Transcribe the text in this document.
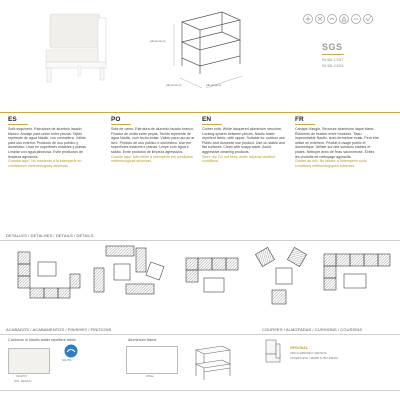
[dimension]
[dimension]	[dimension]
SGS
EN 581-1:2017
EN 581-2:2016
ES
Sofá esquinero. Estructura de aluminio lacado blanco. Anclaje para unión entre piezas. Tejido repelente de agua Nautic, con cremallera. Válido para uso exterior. Producto de uso público y doméstico. Usar en superficies estables y planas. Limpiar con agua jabonosa. Evite productos de limpieza agresivos.
Guardar aquí. No mantener a la intemperie en condiciones meteorológicas adversas.
PO
Sofá de canto. Estrutura de alumínio lacado branco. Fixador de união entre peças. Tecido repelente de água Nautic, com fecho-eclair. Válido para uso ao ar livre. Produto de uso público e doméstico. Use em superfícies estáveis e planas. Limpe com água e sabão. Evite produtos de limpeza agressivos.
Guarde aqui. Não deixe à intempérie em condições meteorológicas adversas.
EN
Corner sofa. White lacquered aluminium structure. Locking system between pieces. Nautic water repellent fabric, with zipper. Suitable for outdoor use. Public and domestic use product. Use on stable and flat surfaces. Clean with soapy water. Avoid aggressive cleaning products.
Store dry. Do not keep under adverse weather conditions.
FR
Canapé d'angle. Structure aluminium laqué blanc. Éléments de fixation entre modules. Tissu imperméable Nautic, avec fermeture éclair. Peut être utilisé en extérieur. Produit à usage public et domestique. Utiliser sur des surfaces stables et plates. Nettoyer avec de l'eau savonneuse. Évitez les produits de nettoyage agressifs.
Garder au sec. Ne laisser à l'intempérie sous conditions météorologiques adverses.
DETALLES / DETALHES / DETAILS / DÉTAILS
ACABADOS / ACABAMENTOS / FINISHES / FINITIONS	COURSES / ALMOFADAS / CUSHIONS / COUSSINS
Cushions in Nautic water repellent fabric
NAUTIC
01GP07
SOL FEA/CC
Aluminium frame
White
OPCIONAL
CPR-4 HOPE2023 F-WRITE/SL
COVERS HIGH / 350MM S-7867-3954/01
